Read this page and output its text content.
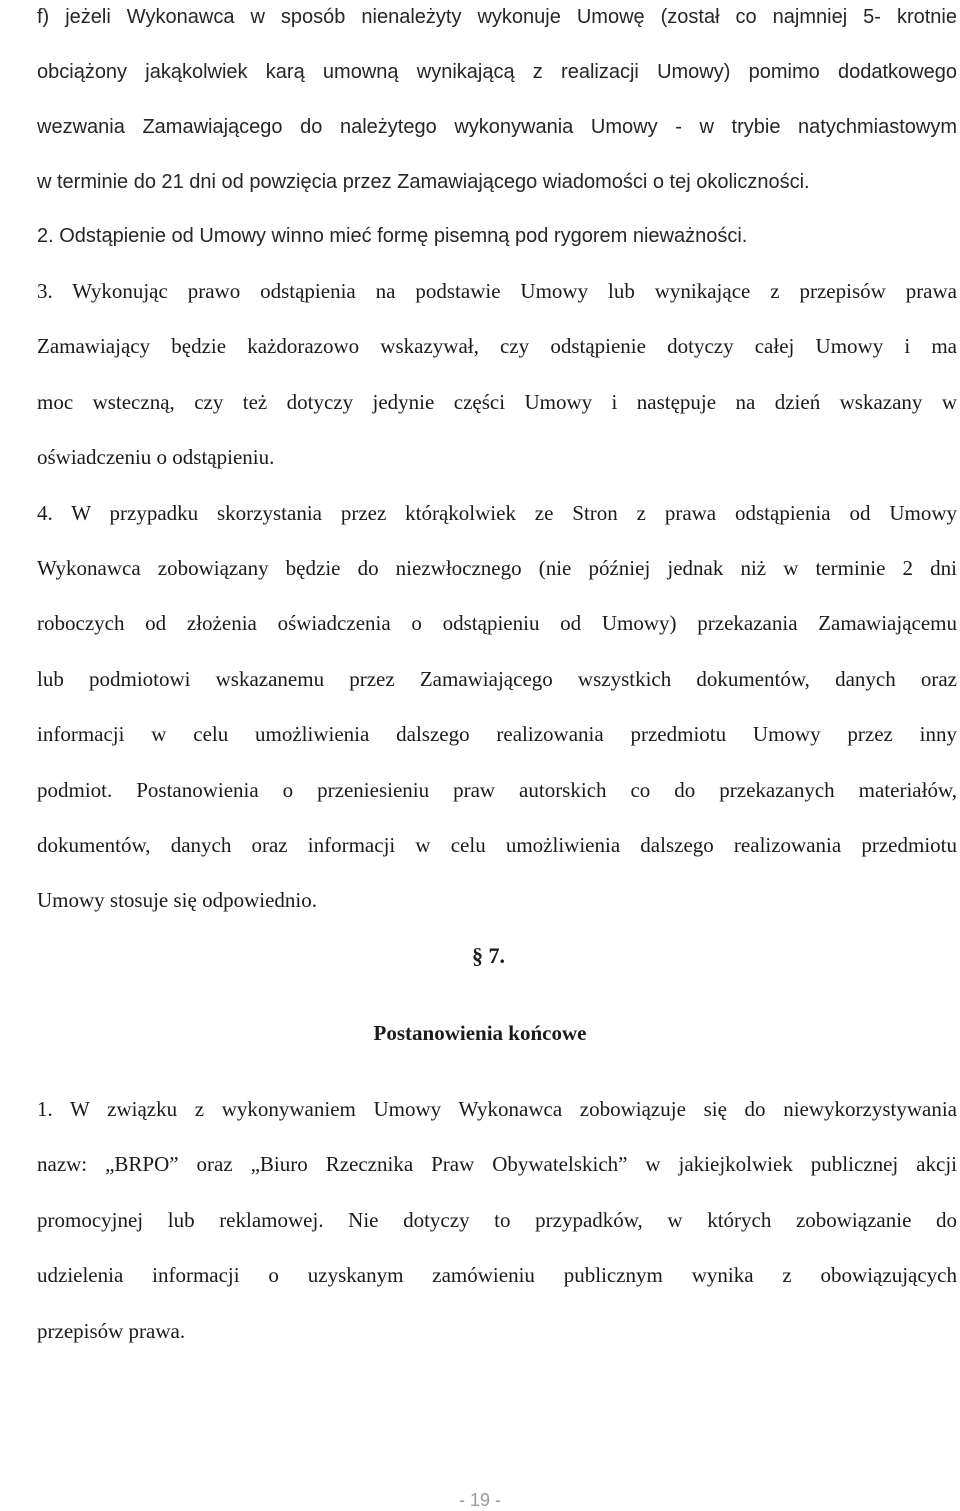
f) jeżeli Wykonawca w sposób nienależyty wykonuje Umowę (został co najmniej 5- krotnie
obciążony jakąkolwiek karą umowną wynikającą z realizacji Umowy) pomimo dodatkowego
wezwania Zamawiającego do należytego wykonywania Umowy - w trybie natychmiastowym
w terminie do 21 dni od powzięcia przez Zamawiającego wiadomości o tej okoliczności.
2. Odstąpienie od Umowy winno mieć formę pisemną pod rygorem nieważności.
3. Wykonując prawo odstąpienia na podstawie Umowy lub wynikające z przepisów prawa
Zamawiający będzie każdorazowo wskazywał, czy odstąpienie dotyczy całej Umowy i ma
moc wsteczną, czy też dotyczy jedynie części Umowy i następuje na dzień wskazany w
oświadczeniu o odstąpieniu.
4. W przypadku skorzystania przez którąkolwiek ze Stron z prawa odstąpienia od Umowy
Wykonawca zobowiązany będzie do niezwłocznego (nie później jednak niż w terminie 2 dni
roboczych od złożenia oświadczenia o odstąpieniu od Umowy) przekazania Zamawiającemu
lub podmiotowi wskazanemu przez Zamawiającego wszystkich dokumentów, danych oraz
informacji w celu umożliwienia dalszego realizowania przedmiotu Umowy przez inny
podmiot. Postanowienia o przeniesieniu praw autorskich co do przekazanych materiałów,
dokumentów, danych oraz informacji w celu umożliwienia dalszego realizowania przedmiotu
Umowy stosuje się odpowiednio.
§ 7.
Postanowienia końcowe
1. W związku z wykonywaniem Umowy Wykonawca zobowiązuje się do niewykorzystywania
nazw: „BRPO” oraz „Biuro Rzecznika Praw Obywatelskich” w jakiejkolwiek publicznej akcji
promocyjnej lub reklamowej. Nie dotyczy to przypadków, w których zobowiązanie do
udzielenia informacji o uzyskanym zamówieniu publicznym wynika z obowiązujących
przepisów prawa.
- 19 -
